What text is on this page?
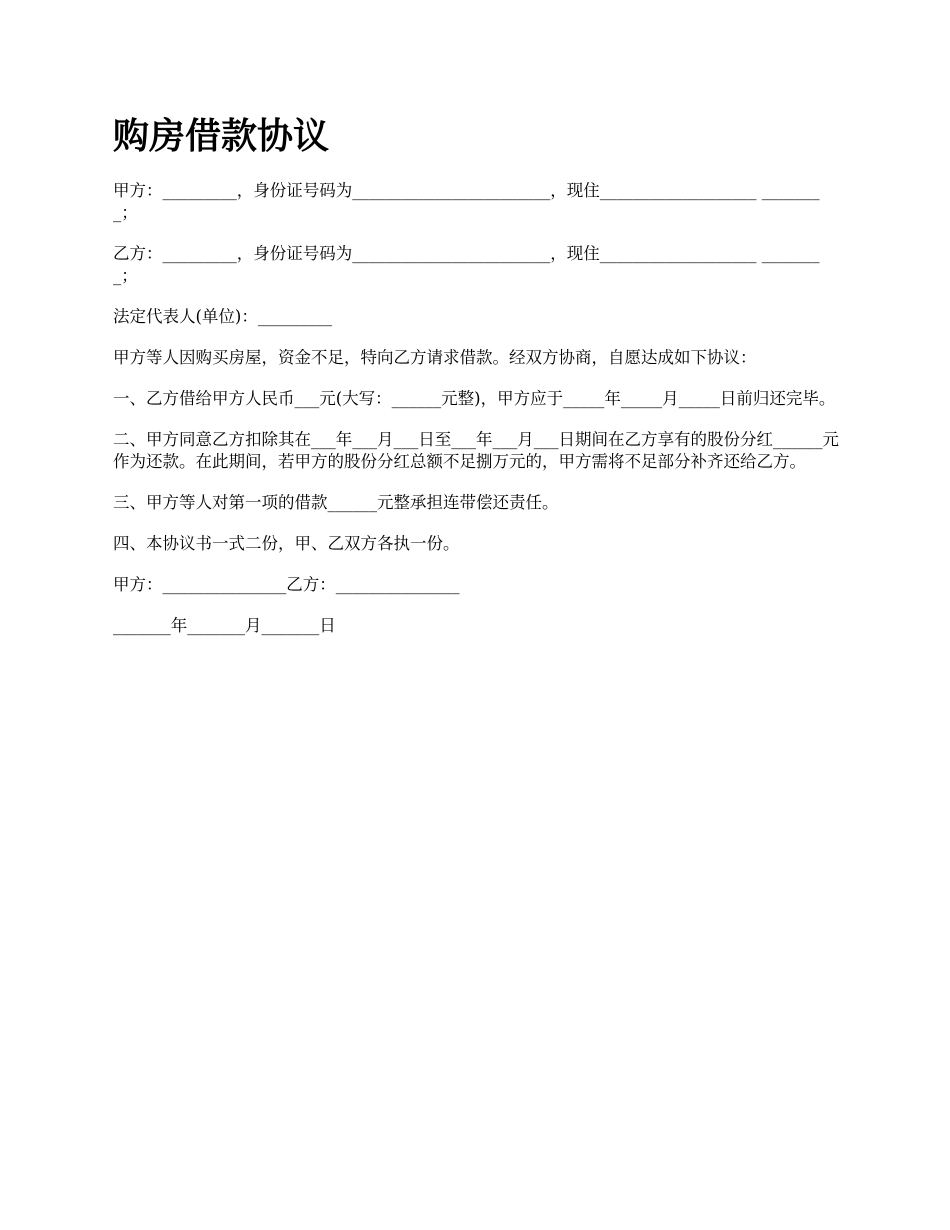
购房借款协议

甲方：_________，身份证号码为________________________，现住___________________ ________；

乙方：_________，身份证号码为________________________，现住___________________ ________；

法定代表人(单位)：_________

甲方等人因购买房屋，资金不足，特向乙方请求借款。经双方协商，自愿达成如下协议：

一、乙方借给甲方人民币___元(大写：______元整)，甲方应于_____年_____月_____日前归还完毕。

二、甲方同意乙方扣除其在___年___月___日至___年___月___日期间在乙方享有的股份分红______元作为还款。在此期间，若甲方的股份分红总额不足捌万元的，甲方需将不足部分补齐还给乙方。

三、甲方等人对第一项的借款______元整承担连带偿还责任。

四、本协议书一式二份，甲、乙双方各执一份。

甲方：_______________乙方：_______________

_______年_______月_______日
